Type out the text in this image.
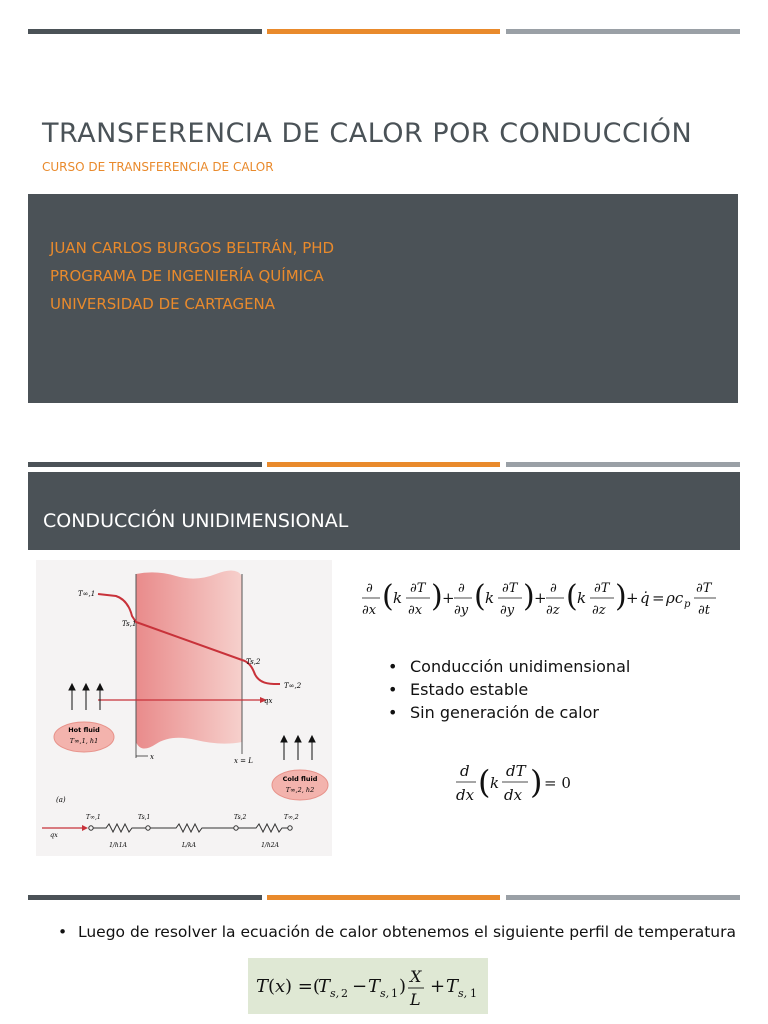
TRANSFERENCIA DE CALOR POR CONDUCCIÓN
CURSO DE TRANSFERENCIA DE CALOR
JUAN CARLOS BURGOS BELTRÁN, PHD
PROGRAMA DE INGENIERÍA QUÍMICA
UNIVERSIDAD DE CARTAGENA
CONDUCCIÓN UNIDIMENSIONAL
T∞,1
Ts,1
Ts,2
T∞,2
qx
Hot fluid
T∞,1, h1
x	x = L
Cold fluid
T∞,2, h2
(a)
qx
T∞,1	Ts,1	Ts,2	T∞,2
1/h1A	L/kA	1/h2A
∂
∂x ( k
∂T
∂x ) +
∂
∂y ( k
∂T
∂y ) +
∂
∂z ( k
∂T
∂z ) + q̇ = ρc p
∂T
∂t
• Conducción unidimensional
• Estado estable
• Sin generación de calor
d
dx ( k
dT
dx ) = 0
• Luego de resolver la ecuación de calor obtenemos el siguiente perfil de temperatura
T ( x ) =(
T s, 2 − T s, 1 ) X
L
+ T s, 1
